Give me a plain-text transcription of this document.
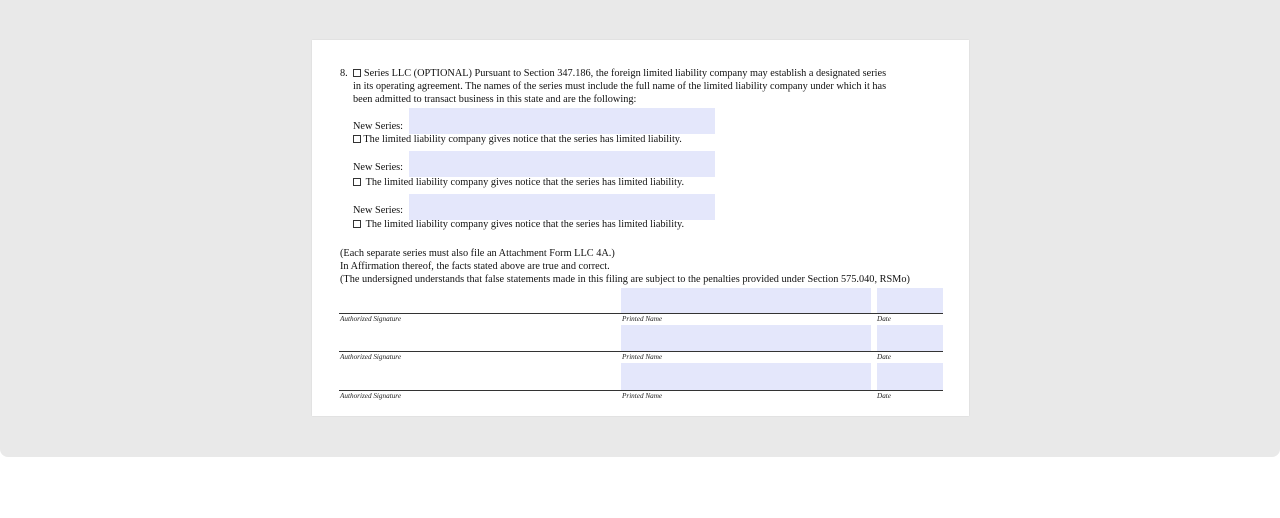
8. Series LLC (OPTIONAL) Pursuant to Section 347.186, the foreign limited liability company may establish a designated series

in its operating agreement. The names of the series must include the full name of the limited liability company under which it has

been admitted to transact business in this state and are the following:

New Series:

The limited liability company gives notice that the series has limited liability.

New Series:

The limited liability company gives notice that the series has limited liability.

New Series:

The limited liability company gives notice that the series has limited liability.

(Each separate series must also file an Attachment Form LLC 4A.)

In Affirmation thereof, the facts stated above are true and correct.

(The undersigned understands that false statements made in this filing are subject to the penalties provided under Section 575.040, RSMo)

Authorized Signature	Printed Name	Date
Authorized Signature	Printed Name	Date
Authorized Signature	Printed Name	Date
